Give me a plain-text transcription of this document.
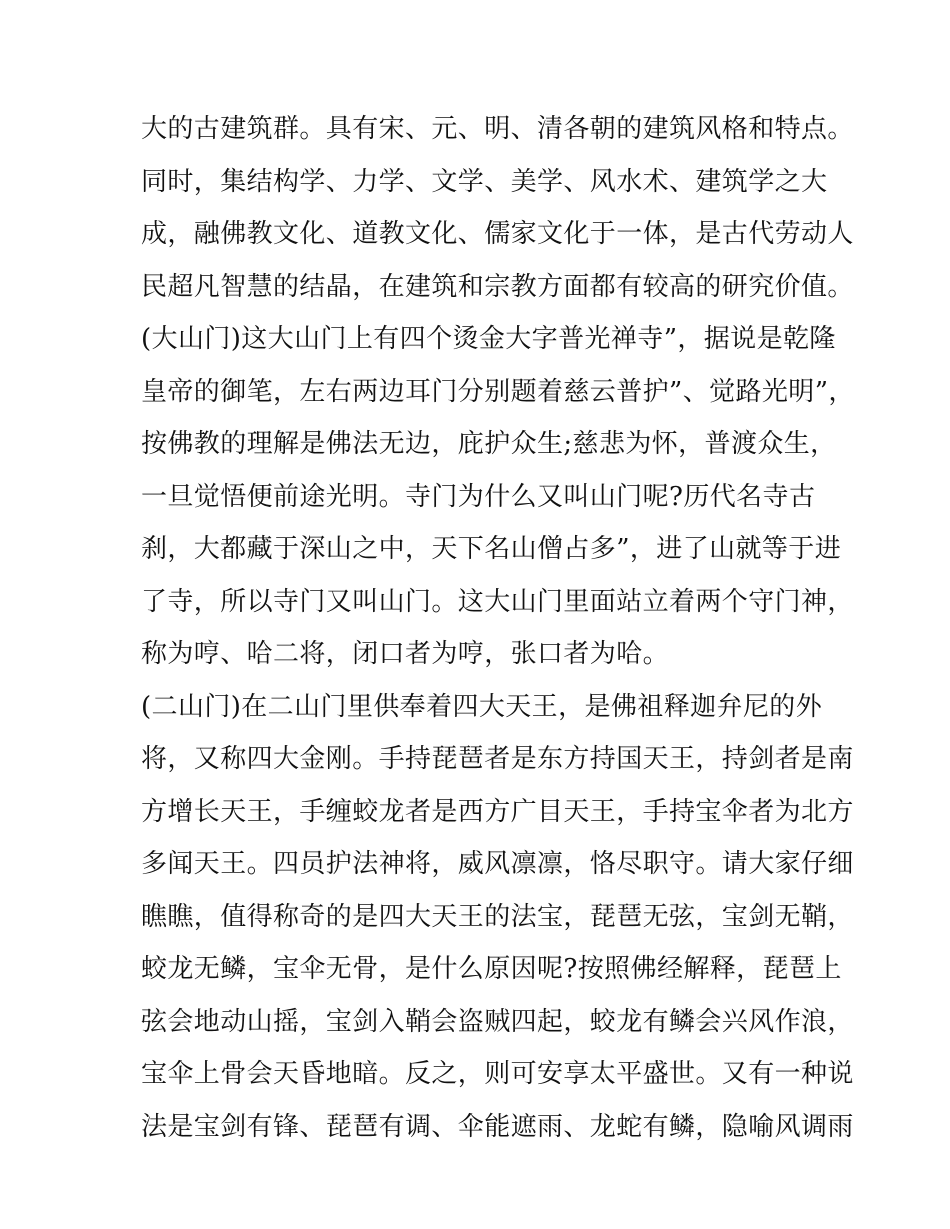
大的古建筑群。具有宋、元、明、清各朝的建筑风格和特点。
同时，集结构学、力学、文学、美学、风水术、建筑学之大
成，融佛教文化、道教文化、儒家文化于一体，是古代劳动人
民超凡智慧的结晶，在建筑和宗教方面都有较高的研究价值。
(大山门)这大山门上有四个烫金大字普光禅寺”，据说是乾隆
皇帝的御笔，左右两边耳门分别题着慈云普护”、觉路光明”，
按佛教的理解是佛法无边，庇护众生;慈悲为怀，普渡众生，
一旦觉悟便前途光明。寺门为什么又叫山门呢?历代名寺古
刹，大都藏于深山之中，天下名山僧占多”，进了山就等于进
了寺，所以寺门又叫山门。这大山门里面站立着两个守门神，
称为哼、哈二将，闭口者为哼，张口者为哈。
(二山门)在二山门里供奉着四大天王，是佛祖释迦弁尼的外
将，又称四大金刚。手持琵琶者是东方持国天王，持剑者是南
方增长天王，手缠蛟龙者是西方广目天王，手持宝伞者为北方
多闻天王。四员护法神将，威风凛凛，恪尽职守。请大家仔细
瞧瞧，值得称奇的是四大天王的法宝，琵琶无弦，宝剑无鞘，
蛟龙无鳞，宝伞无骨，是什么原因呢?按照佛经解释，琵琶上
弦会地动山摇，宝剑入鞘会盗贼四起，蛟龙有鳞会兴风作浪，
宝伞上骨会天昏地暗。反之，则可安享太平盛世。又有一种说
法是宝剑有锋、琵琶有调、伞能遮雨、龙蛇有鳞，隐喻风调雨
